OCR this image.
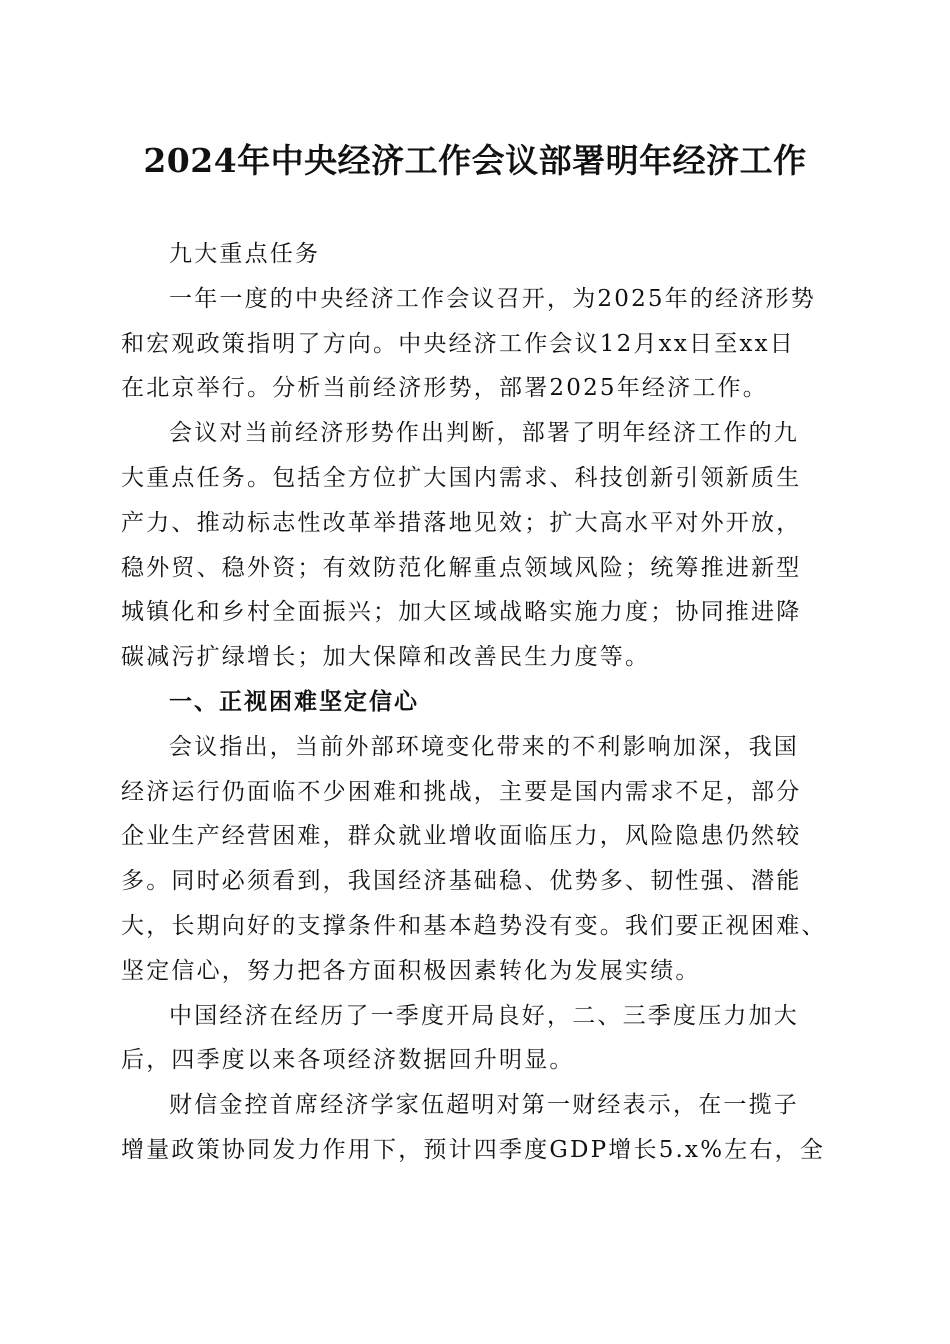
2024年中央经济工作会议部署明年经济工作
九大重点任务
一年一度的中央经济工作会议召开，为2025年的经济形势
和宏观政策指明了方向。中央经济工作会议12月xx日至xx日
在北京举行。分析当前经济形势，部署2025年经济工作。
会议对当前经济形势作出判断，部署了明年经济工作的九
大重点任务。包括全方位扩大国内需求、科技创新引领新质生
产力、推动标志性改革举措落地见效；扩大高水平对外开放，
稳外贸、稳外资；有效防范化解重点领域风险；统筹推进新型
城镇化和乡村全面振兴；加大区域战略实施力度；协同推进降
碳减污扩绿增长；加大保障和改善民生力度等。
一、正视困难坚定信心
会议指出，当前外部环境变化带来的不利影响加深，我国
经济运行仍面临不少困难和挑战，主要是国内需求不足，部分
企业生产经营困难，群众就业增收面临压力，风险隐患仍然较
多。同时必须看到，我国经济基础稳、优势多、韧性强、潜能
大，长期向好的支撑条件和基本趋势没有变。我们要正视困难、
坚定信心，努力把各方面积极因素转化为发展实绩。
中国经济在经历了一季度开局良好，二、三季度压力加大
后，四季度以来各项经济数据回升明显。
财信金控首席经济学家伍超明对第一财经表示，在一揽子
增量政策协同发力作用下，预计四季度GDP增长5.x%左右，全
